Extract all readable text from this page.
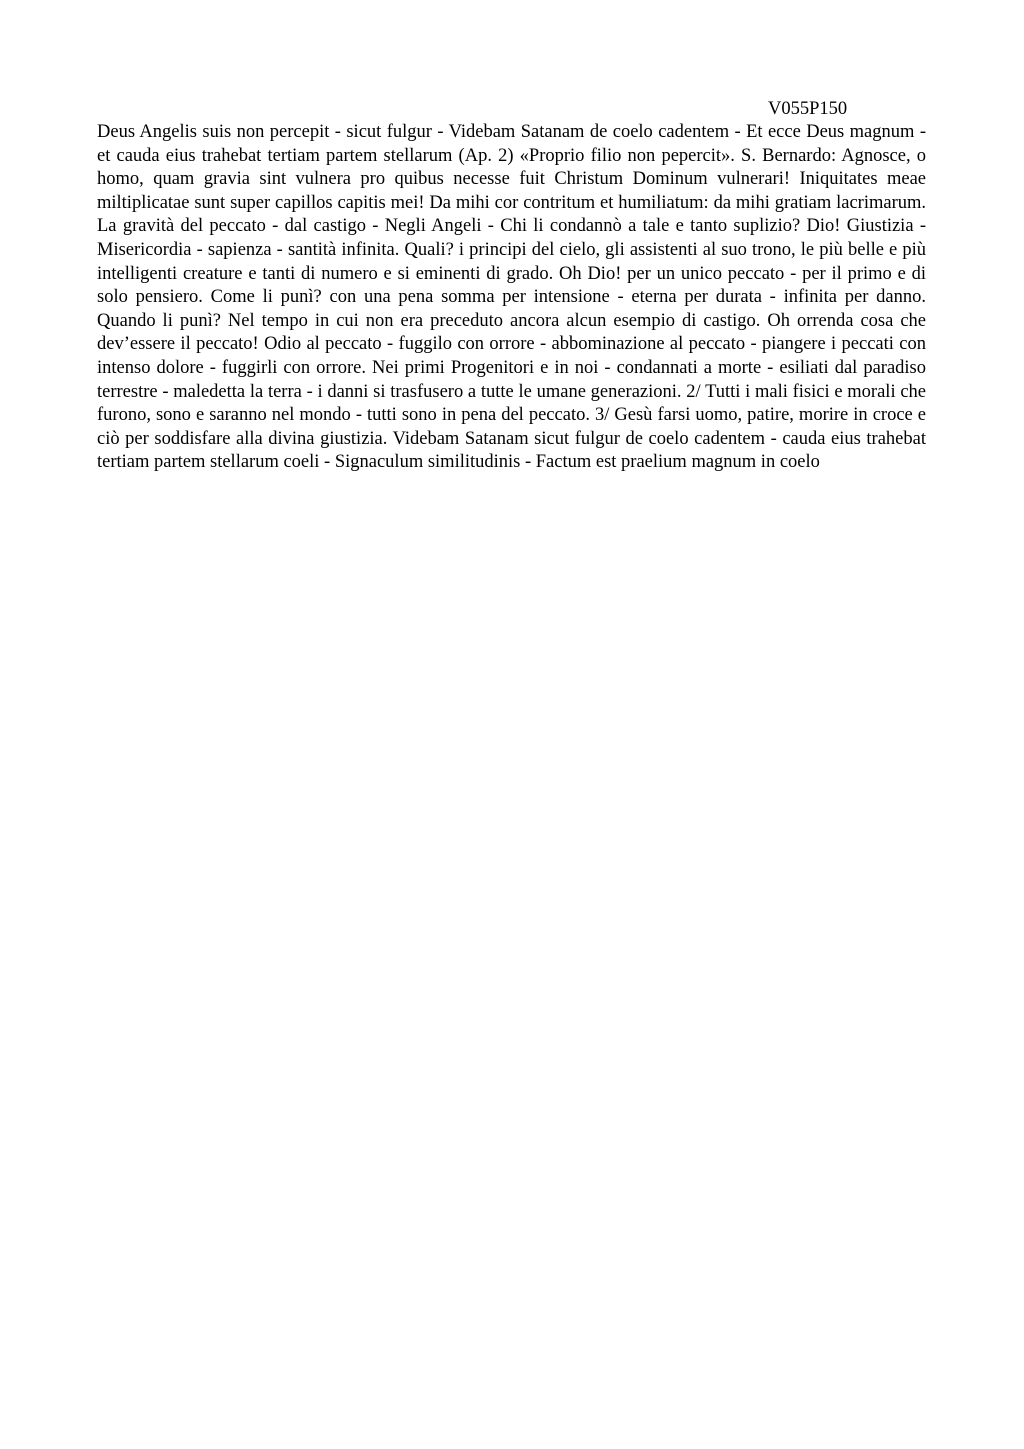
V055P150

Deus Angelis suis non percepit - sicut fulgur - Videbam Satanam de coelo cadentem - Et ecce Deus magnum - et cauda eius trahebat tertiam partem stellarum (Ap. 2) «Proprio filio non pepercit». S. Bernardo: Agnosce, o homo, quam gravia sint vulnera pro quibus necesse fuit Christum Dominum vulnerari! Iniquitates meae miltiplicatae sunt super capillos capitis mei! Da mihi cor contritum et humiliatum: da mihi gratiam lacrimarum. La gravità del peccato - dal castigo - Negli Angeli - Chi li condannò a tale e tanto suplizio? Dio! Giustizia - Misericordia - sapienza - santità infinita. Quali? i principi del cielo, gli assistenti al suo trono, le più belle e più intelligenti creature e tanti di numero e si eminenti di grado. Oh Dio! per un unico peccato - per il primo e di solo pensiero. Come li punì? con una pena somma per intensione - eterna per durata - infinita per danno. Quando li punì? Nel tempo in cui non era preceduto ancora alcun esempio di castigo. Oh orrenda cosa che dev’essere il peccato! Odio al peccato - fuggilo con orrore - abbominazione al peccato - piangere i peccati con intenso dolore - fuggirli con orrore. Nei primi Progenitori e in noi - condannati a morte - esiliati dal paradiso terrestre - maledetta la terra - i danni si trasfusero a tutte le umane generazioni. 2/ Tutti i mali fisici e morali che furono, sono e saranno nel mondo - tutti sono in pena del peccato. 3/ Gesù farsi uomo, patire, morire in croce e ciò per soddisfare alla divina giustizia. Videbam Satanam sicut fulgur de coelo cadentem - cauda eius trahebat tertiam partem stellarum coeli - Signaculum similitudinis - Factum est praelium magnum in coelo
